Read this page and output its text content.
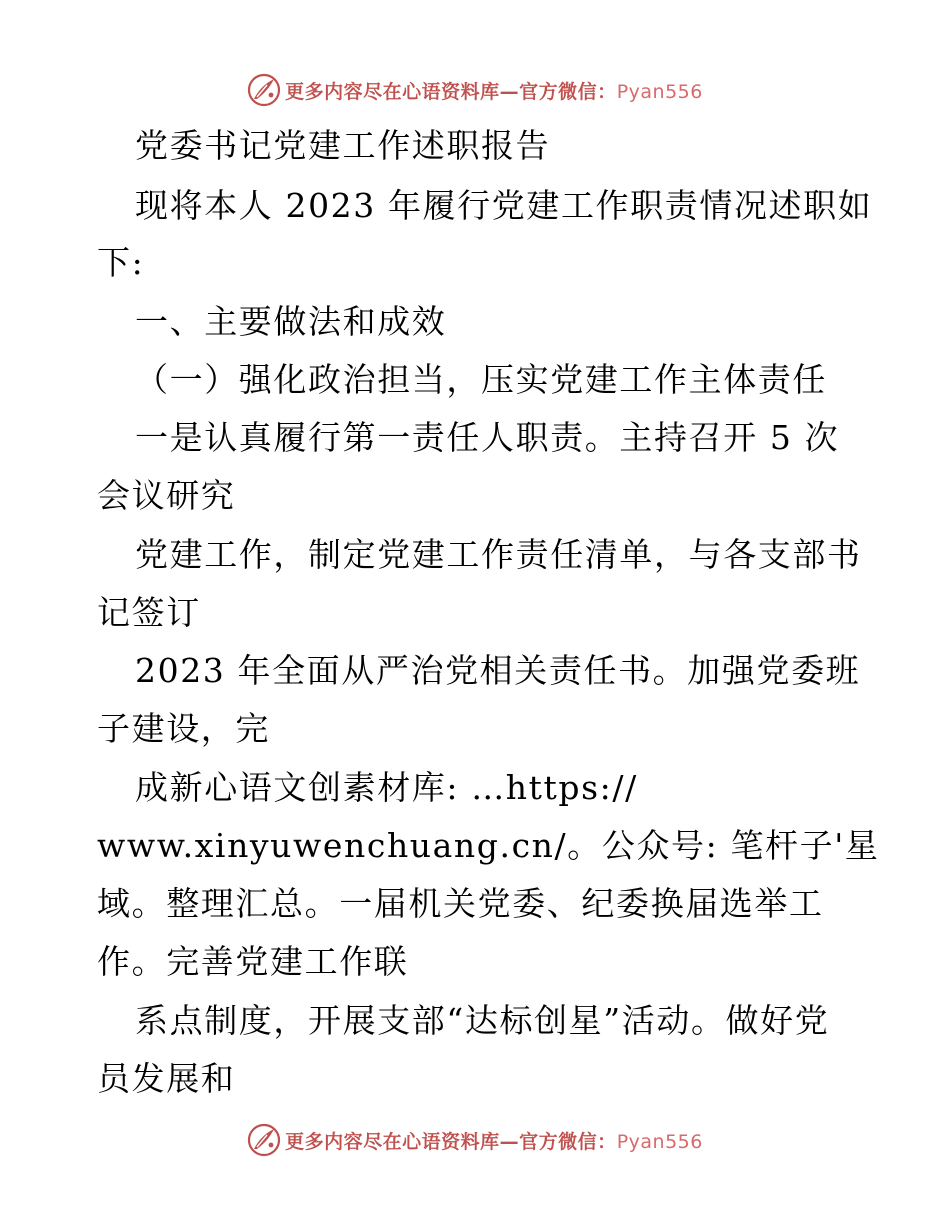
更多内容尽在心语资料库—官方微信：Pyan556
党委书记党建工作述职报告
现将本人 2023 年履行党建工作职责情况述职如
下:
一、主要做法和成效
（一）强化政治担当，压实党建工作主体责任
一是认真履行第一责任人职责。主持召开 5 次
会议研究
党建工作，制定党建工作责任清单，与各支部书
记签订
2023 年全面从严治党相关责任书。加强党委班
子建设，完
成新心语文创素材库: …https://
www.xinyuwenchuang.cn/。公众号: 笔杆子'星
域。整理汇总。一届机关党委、纪委换届选举工
作。完善党建工作联
系点制度，开展支部“达标创星”活动。做好党
员发展和
更多内容尽在心语资料库—官方微信：Pyan556
